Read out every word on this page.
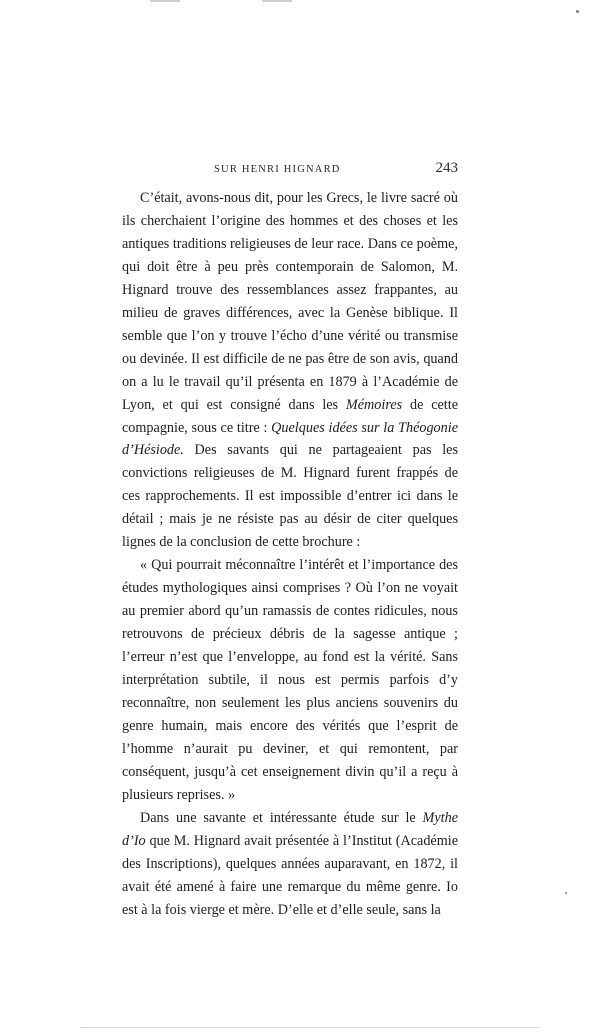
SUR HENRI HIGNARD	243

C’était, avons-nous dit, pour les Grecs, le livre sacré où ils cherchaient l’origine des hommes et des choses et les antiques traditions religieuses de leur race. Dans ce poème, qui doit être à peu près contemporain de Salomon, M. Hignard trouve des ressemblances assez frappantes, au milieu de graves différences, avec la Genèse biblique. Il semble que l’on y trouve l’écho d’une vérité ou transmise ou devinée. Il est difficile de ne pas être de son avis, quand on a lu le travail qu’il présenta en 1879 à l’Académie de Lyon, et qui est consigné dans les Mémoires de cette compagnie, sous ce titre : Quelques idées sur la Théogonie d’Hésiode. Des savants qui ne partageaient pas les convictions religieuses de M. Hignard furent frappés de ces rapprochements. Il est impossible d’entrer ici dans le détail ; mais je ne résiste pas au désir de citer quelques lignes de la conclusion de cette brochure :

« Qui pourrait méconnaître l’intérêt et l’importance des études mythologiques ainsi comprises ? Où l’on ne voyait au premier abord qu’un ramassis de contes ridicules, nous retrouvons de précieux débris de la sagesse antique ; l’erreur n’est que l’enveloppe, au fond est la vérité. Sans interprétation subtile, il nous est permis parfois d’y reconnaître, non seulement les plus anciens souvenirs du genre humain, mais encore des vérités que l’esprit de l’homme n’aurait pu deviner, et qui remontent, par conséquent, jusqu’à cet enseignement divin qu’il a reçu à plusieurs reprises. »

Dans une savante et intéressante étude sur le Mythe d’Io que M. Hignard avait présentée à l’Institut (Académie des Inscriptions), quelques années auparavant, en 1872, il avait été amené à faire une remarque du même genre. Io est à la fois vierge et mère. D’elle et d’elle seule, sans la
